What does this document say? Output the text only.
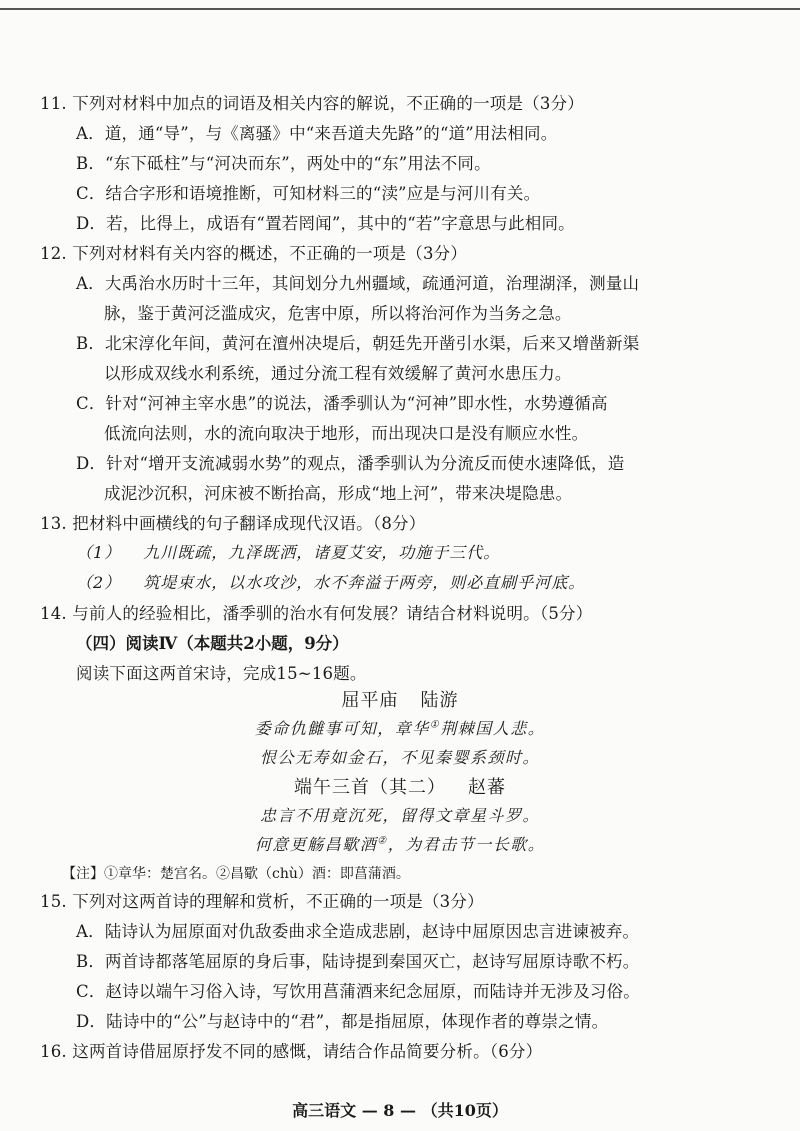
11. 下列对材料中加点的词语及相关内容的解说，不正确的一项是（3分）
A．道，通“导”，与《离骚》中“来吾道夫先路”的“道”用法相同。
B．“东下砥柱”与“河决而东”，两处中的“东”用法不同。
C．结合字形和语境推断，可知材料三的“渎”应是与河川有关。
D．若，比得上，成语有“置若罔闻”，其中的“若”字意思与此相同。
12. 下列对材料有关内容的概述，不正确的一项是（3分）
A．大禹治水历时十三年，其间划分九州疆域，疏通河道，治理湖泽，测量山
脉，鉴于黄河泛滥成灾，危害中原，所以将治河作为当务之急。
B．北宋淳化年间，黄河在澶州决堤后，朝廷先开凿引水渠，后来又增凿新渠
以形成双线水利系统，通过分流工程有效缓解了黄河水患压力。
C．针对“河神主宰水患”的说法，潘季驯认为“河神”即水性，水势遵循高
低流向法则，水的流向取决于地形，而出现决口是没有顺应水性。
D．针对“增开支流减弱水势”的观点，潘季驯认为分流反而使水速降低，造
成泥沙沉积，河床被不断抬高，形成“地上河”，带来决堤隐患。
13. 把材料中画横线的句子翻译成现代汉语。（8分）
（1） 九川既疏，九泽既洒，诸夏艾安，功施于三代。
（2） 筑堤束水，以水攻沙，水不奔溢于两旁，则必直刷乎河底。
14. 与前人的经验相比，潘季驯的治水有何发展？请结合材料说明。（5分）
（四）阅读Ⅳ（本题共2小题，9分）
阅读下面这两首宋诗，完成15~16题。
屈平庙 陆游
委命仇雠事可知，章华①荆棘国人悲。
恨公无寿如金石，不见秦婴系颈时。
端午三首（其二） 赵蕃
忠言不用竟沉死，留得文章星斗罗。
何意更觞昌歜酒②，为君击节一长歌。
【注】①章华：楚宫名。②昌歜（chù）酒：即菖蒲酒。
15. 下列对这两首诗的理解和赏析，不正确的一项是（3分）
A．陆诗认为屈原面对仇敌委曲求全造成悲剧，赵诗中屈原因忠言进谏被弃。
B．两首诗都落笔屈原的身后事，陆诗提到秦国灭亡，赵诗写屈原诗歌不朽。
C．赵诗以端午习俗入诗，写饮用菖蒲酒来纪念屈原，而陆诗并无涉及习俗。
D．陆诗中的“公”与赵诗中的“君”，都是指屈原，体现作者的尊崇之情。
16. 这两首诗借屈原抒发不同的感慨，请结合作品简要分析。（6分）
高三语文 — 8 — （共10页）
